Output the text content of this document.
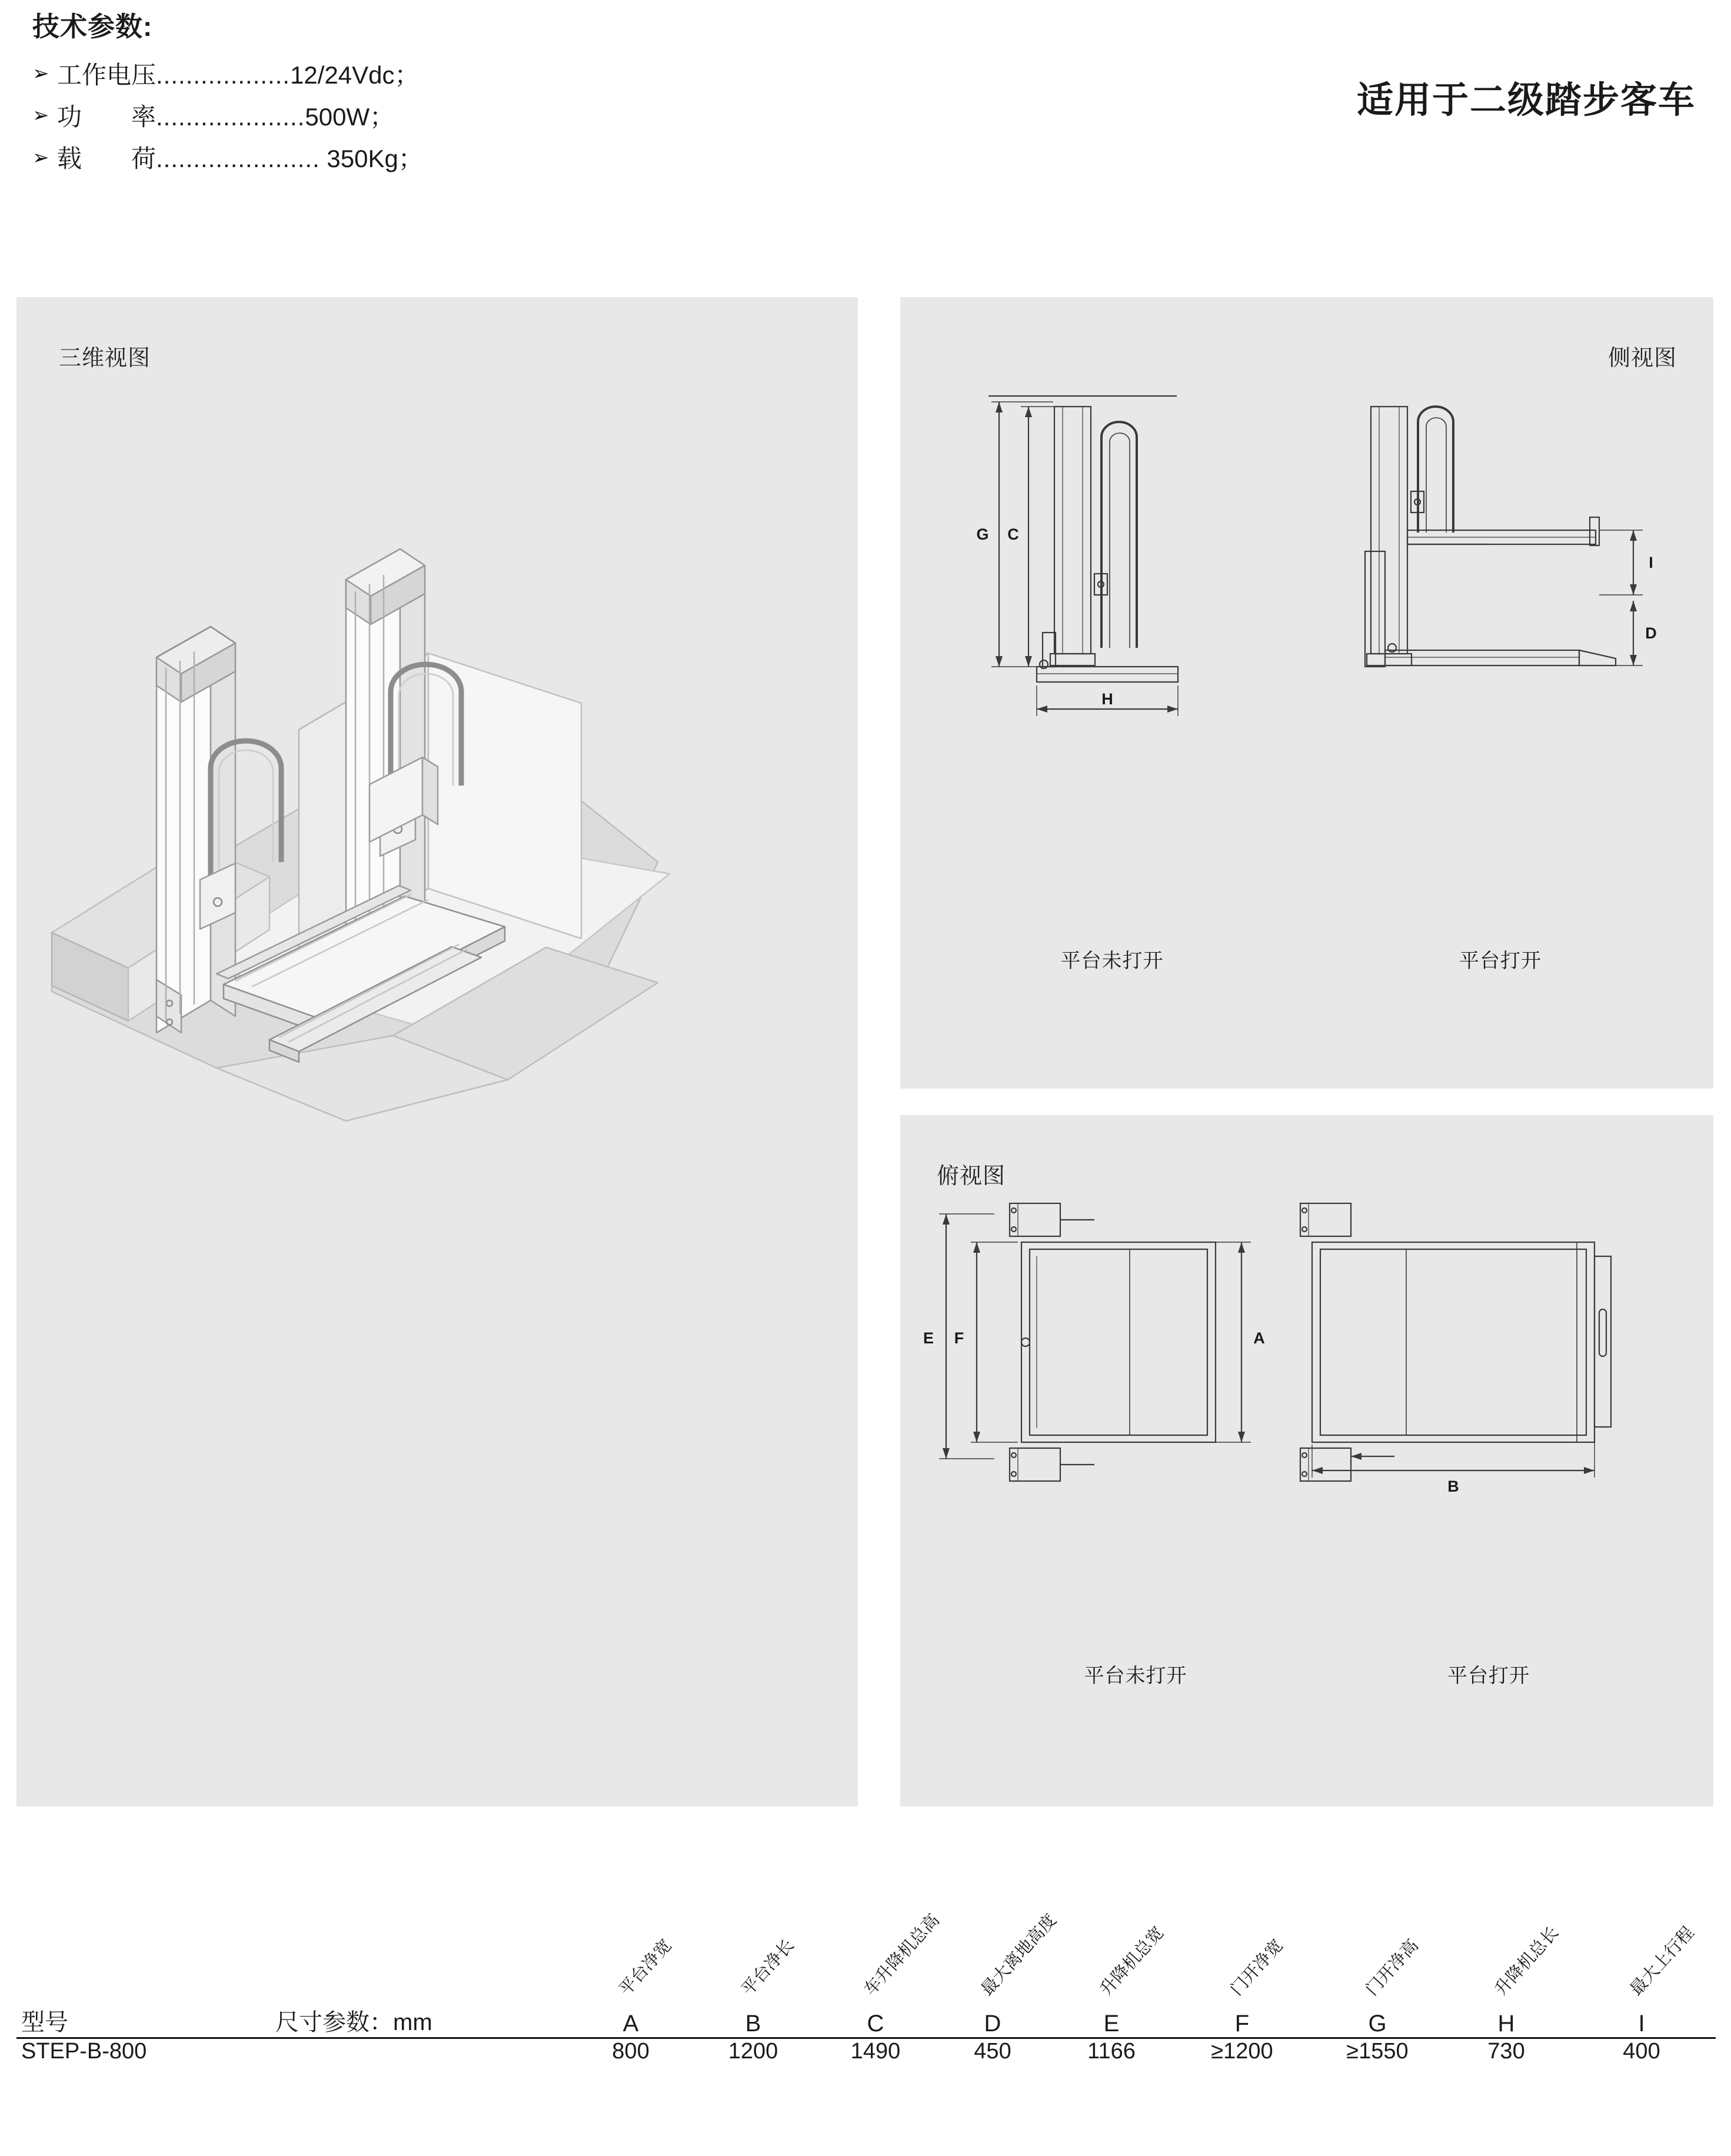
技术参数:
➢ 工作电压 .................. 12/24Vdc；
➢ 功　　率 .................... 500W；
➢ 载　　荷 ...................... 350Kg；
适用于二级踏步客车
三维视图	侧视图
G C
H
I
D
平台未打开	平台打开
俯视图
E F	A
B
平台未打开	平台打开

		平台净宽	平台净长	车升降机总高	最大离地高度	升降机总宽	门开净宽	门开净高	升降机总长	最大上行程

型号	尺寸参数：mm	A	B	C	D	E	F	G	H	I
STEP-B-800		800	1200	1490	450	1166	≥1200	≥1550	730	400
